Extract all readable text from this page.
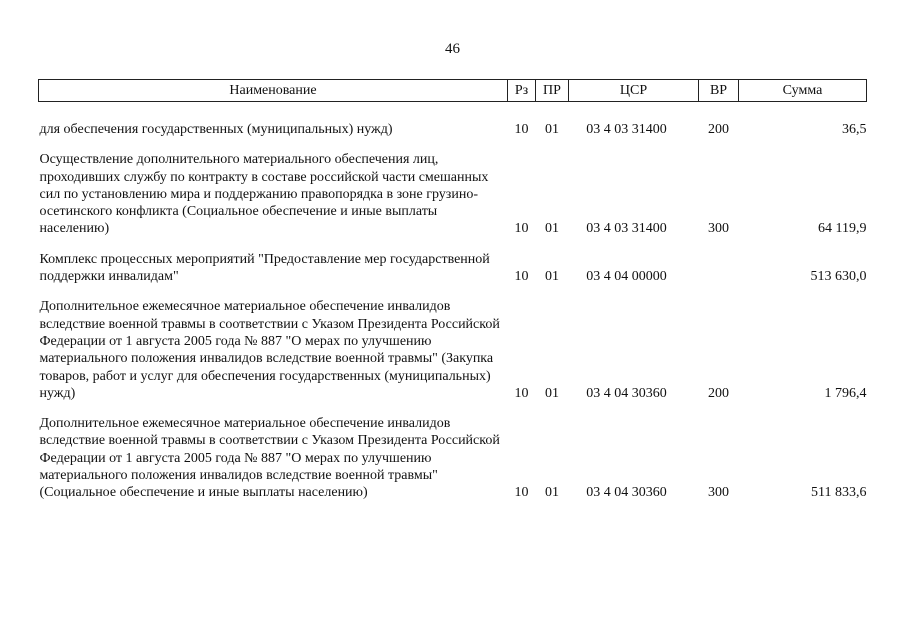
46
Наименование	Рз	ПР	ЦСР	ВР	Сумма

для обеспечения государственных (муниципальных) нужд)	10	01	03 4 03 31400	200	36,5

Осуществление дополнительного материального обеспечения лиц, проходивших службу по контракту в составе российской части смешанных сил по установлению мира и поддержанию правопорядка в зоне грузино-осетинского конфликта (Социальное обеспечение и иные выплаты населению)	10	01	03 4 03 31400	300	64 119,9

Комплекс процессных мероприятий "Предоставление мер государственной поддержки инвалидам"	10	01	03 4 04 00000		513 630,0

Дополнительное ежемесячное материальное обеспечение инвалидов вследствие военной травмы в соответствии с Указом Президента Российской Федерации от 1 августа 2005 года № 887 "О мерах по улучшению материального положения инвалидов вследствие военной травмы" (Закупка товаров, работ и услуг для обеспечения государственных (муниципальных) нужд)	10	01	03 4 04 30360	200	1 796,4

Дополнительное ежемесячное материальное обеспечение инвалидов вследствие военной травмы в соответствии с Указом Президента Российской Федерации от 1 августа 2005 года № 887 "О мерах по улучшению материального положения инвалидов вследствие военной травмы" (Социальное обеспечение и иные выплаты населению)	10	01	03 4 04 30360	300	511 833,6
